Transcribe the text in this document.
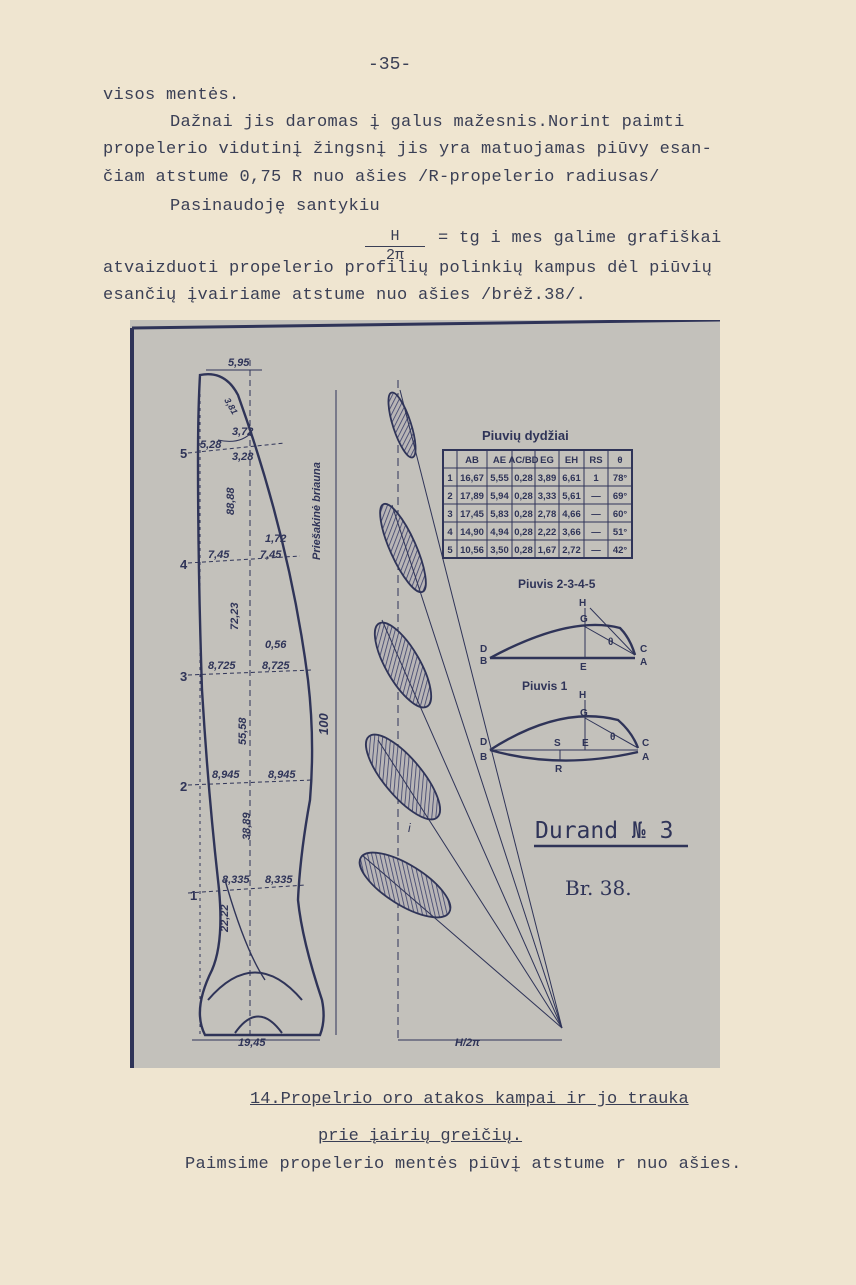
-35-
visos mentės.
Dažnai jis daromas į galus mažesnis.Norint paimti
propelerio vidutinį žingsnį jis yra matuojamas piūvy esan-
čiam atstume 0,75 R nuo ašies /R-propelerio radiusas/
Pasinaudoję santykiu
$\frac{H}{2\pi}$ = tg i mes galime grafiškai
atvaizduoti propelerio profilių polinkių kampus dėl piūvių
esančių įvairiame atstume nuo ašies /brėž.38/.
5
4
3
2
1
5,95
3,81
3,72
5,28
3,28
88,88
1,72
7,45	7,45
72,23
0,56
8,725 8,725
55,58
8,945	8,945
38,89
8,335 8,335
22,22
19,45
100
H/2π
Priešakinė briauna
i
Piuvių dydžiai
AB AE AC/BD EG EH RS θ
1 16,67 5,55 0,28 3,89 6,61 1 78°
2 17,89 5,94 0,28 3,33 5,61 — 69°
3 17,45 5,83 0,28 2,78 4,66 — 60°
4 14,90 4,94 0,28 2,22 3,66 — 51°
5 10,56 3,50 0,28 1,67 2,72 — 42°
Piuvis 2-3-4-5
H
G
D
B
E
C
A
θ
Piuvis 1
H
G
D
B
S E
R
C
A
θ
Durand № 3
Br. 38.
14.Propelrio oro atakos kampai ir jo trauka
prie įairių greičių.
Paimsime propelerio mentės piūvį atstume r nuo ašies.
